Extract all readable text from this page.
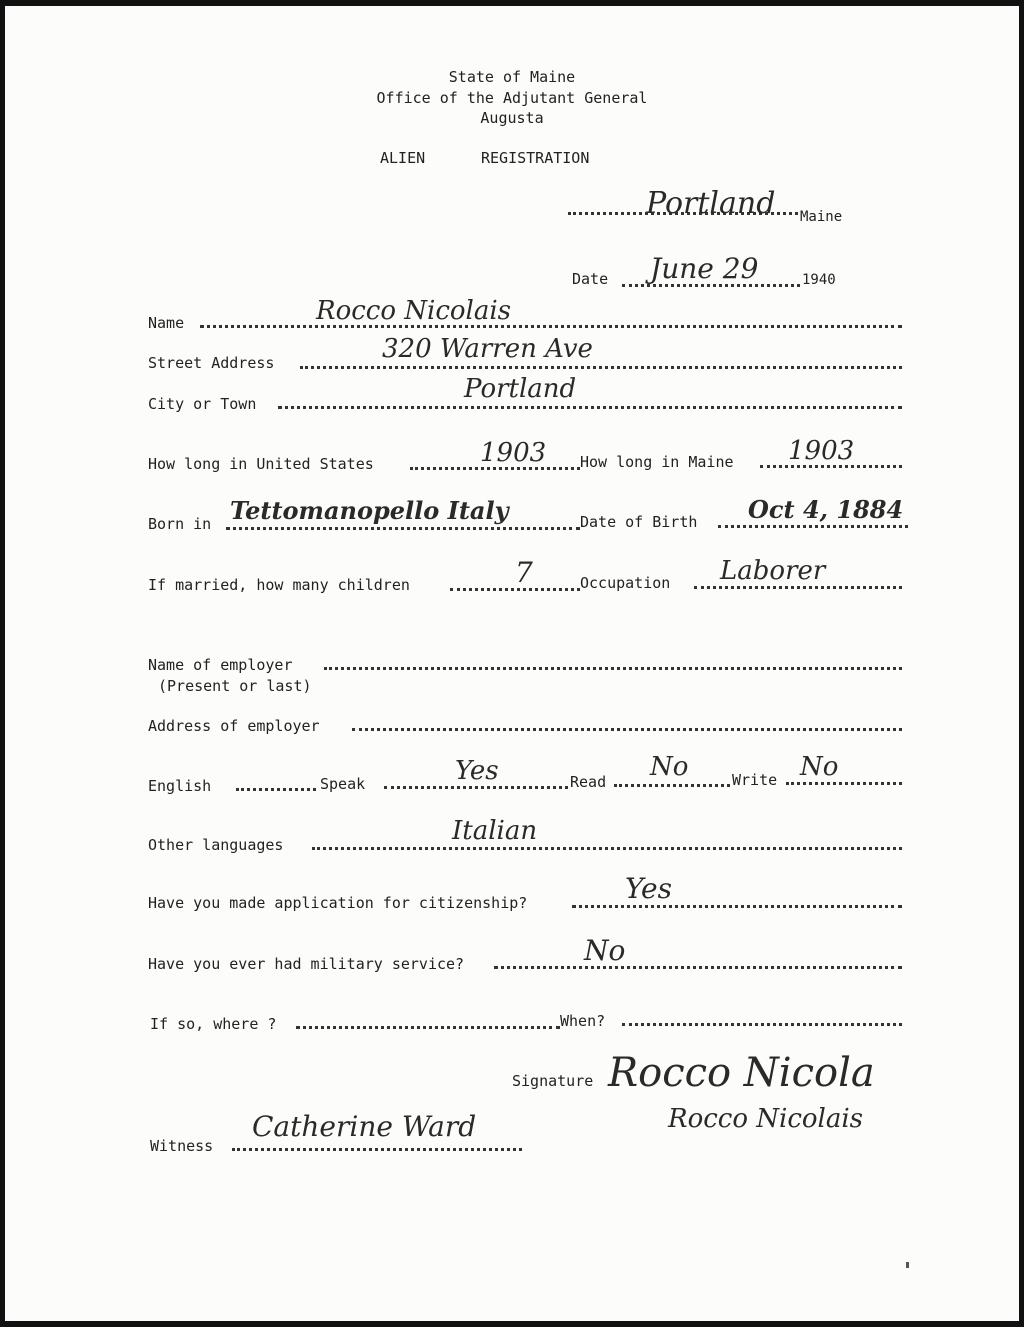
State of Maine
Office of the Adjutant General
Augusta
ALIEN	REGISTRATION
Portland Maine
Date June 29	1940
Name	Rocco Nicolais
Street Address	320 Warren Ave
City or Town	Portland
How long in United States	1903 How long in Maine 1903
Born in Tettomanopello Italy	Date of Birth Oct 4, 1884
If married, how many children	7	Occupation Laborer
Name of employer
(Present or last)
Address of employer
English	Speak	Yes	Read No	Write No
Other languages	Italian
Have you made application for citizenship?	Yes
Have you ever had military service?	No
If so, where ?	When?
Signature Rocco Nicola
Rocco Nicolais
Witness
Catherine Ward
